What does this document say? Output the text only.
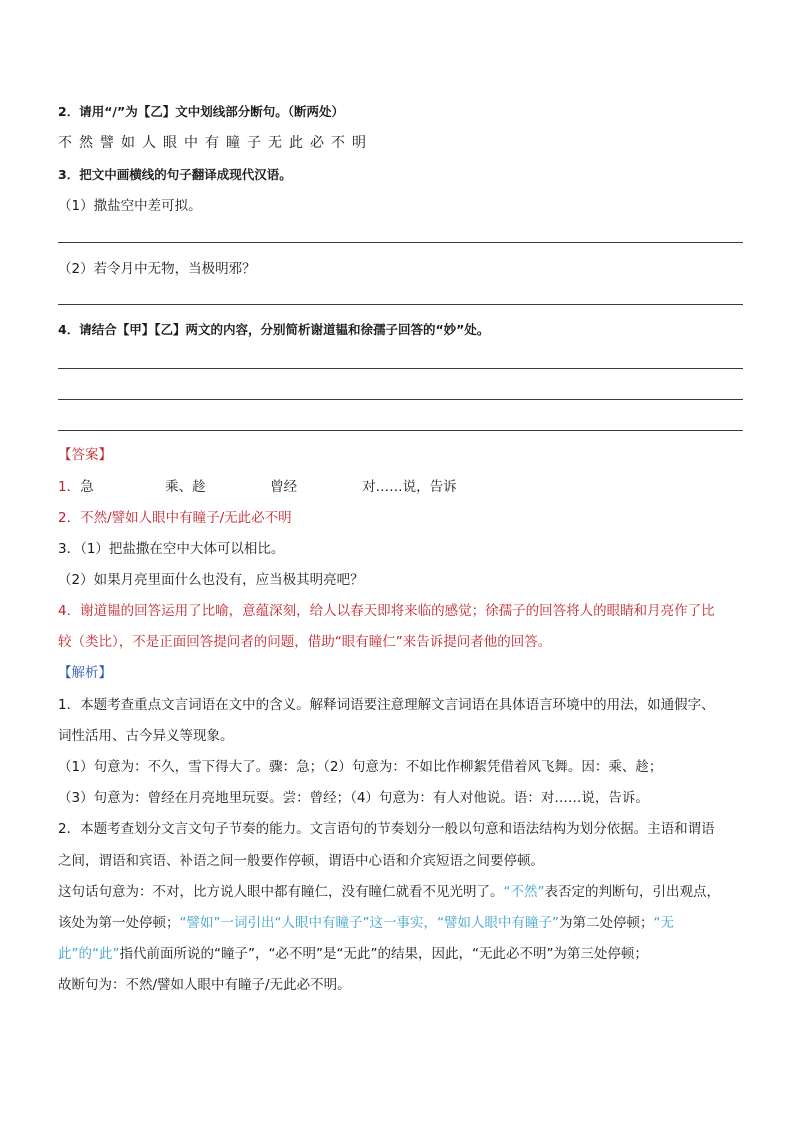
2．请用“/”为【乙】文中划线部分断句。（断两处）
不 然 譬 如 人 眼 中 有 瞳 子 无 此 必 不 明
3．把文中画横线的句子翻译成现代汉语。
（1）撒盐空中差可拟。
（2）若令月中无物，当极明邪？
4．请结合【甲】【乙】两文的内容，分别简析谢道韫和徐孺子回答的“妙”处。
【答案】
1．急	乘、趁	曾经	对……说，告诉
2．不然/譬如人眼中有瞳子/无此必不明
3．（1）把盐撒在空中大体可以相比。
（2）如果月亮里面什么也没有，应当极其明亮吧？
4．谢道韫的回答运用了比喻，意蕴深刻，给人以春天即将来临的感觉；徐孺子的回答将人的眼睛和月亮作了比
较（类比），不是正面回答提问者的问题，借助“眼有瞳仁”来告诉提问者他的回答。
【解析】
1．本题考查重点文言词语在文中的含义。解释词语要注意理解文言词语在具体语言环境中的用法，如通假字、
词性活用、古今异义等现象。
（1）句意为：不久，雪下得大了。骤：急；（2）句意为：不如比作柳絮凭借着风飞舞。因：乘、趁；
（3）句意为：曾经在月亮地里玩耍。尝：曾经；（4）句意为：有人对他说。语：对……说，告诉。
2．本题考查划分文言文句子节奏的能力。文言语句的节奏划分一般以句意和语法结构为划分依据。主语和谓语
之间，谓语和宾语、补语之间一般要作停顿，谓语中心语和介宾短语之间要停顿。
这句话句意为：不对，比方说人眼中都有瞳仁，没有瞳仁就看不见光明了。“不然”表否定的判断句，引出观点，
该处为第一处停顿；“譬如”一词引出“人眼中有瞳子”这一事实，“譬如人眼中有瞳子”为第二处停顿；“无
此”的“此”指代前面所说的“瞳子”，“必不明”是“无此”的结果，因此，“无此必不明”为第三处停顿；
故断句为：不然/譬如人眼中有瞳子/无此必不明。
